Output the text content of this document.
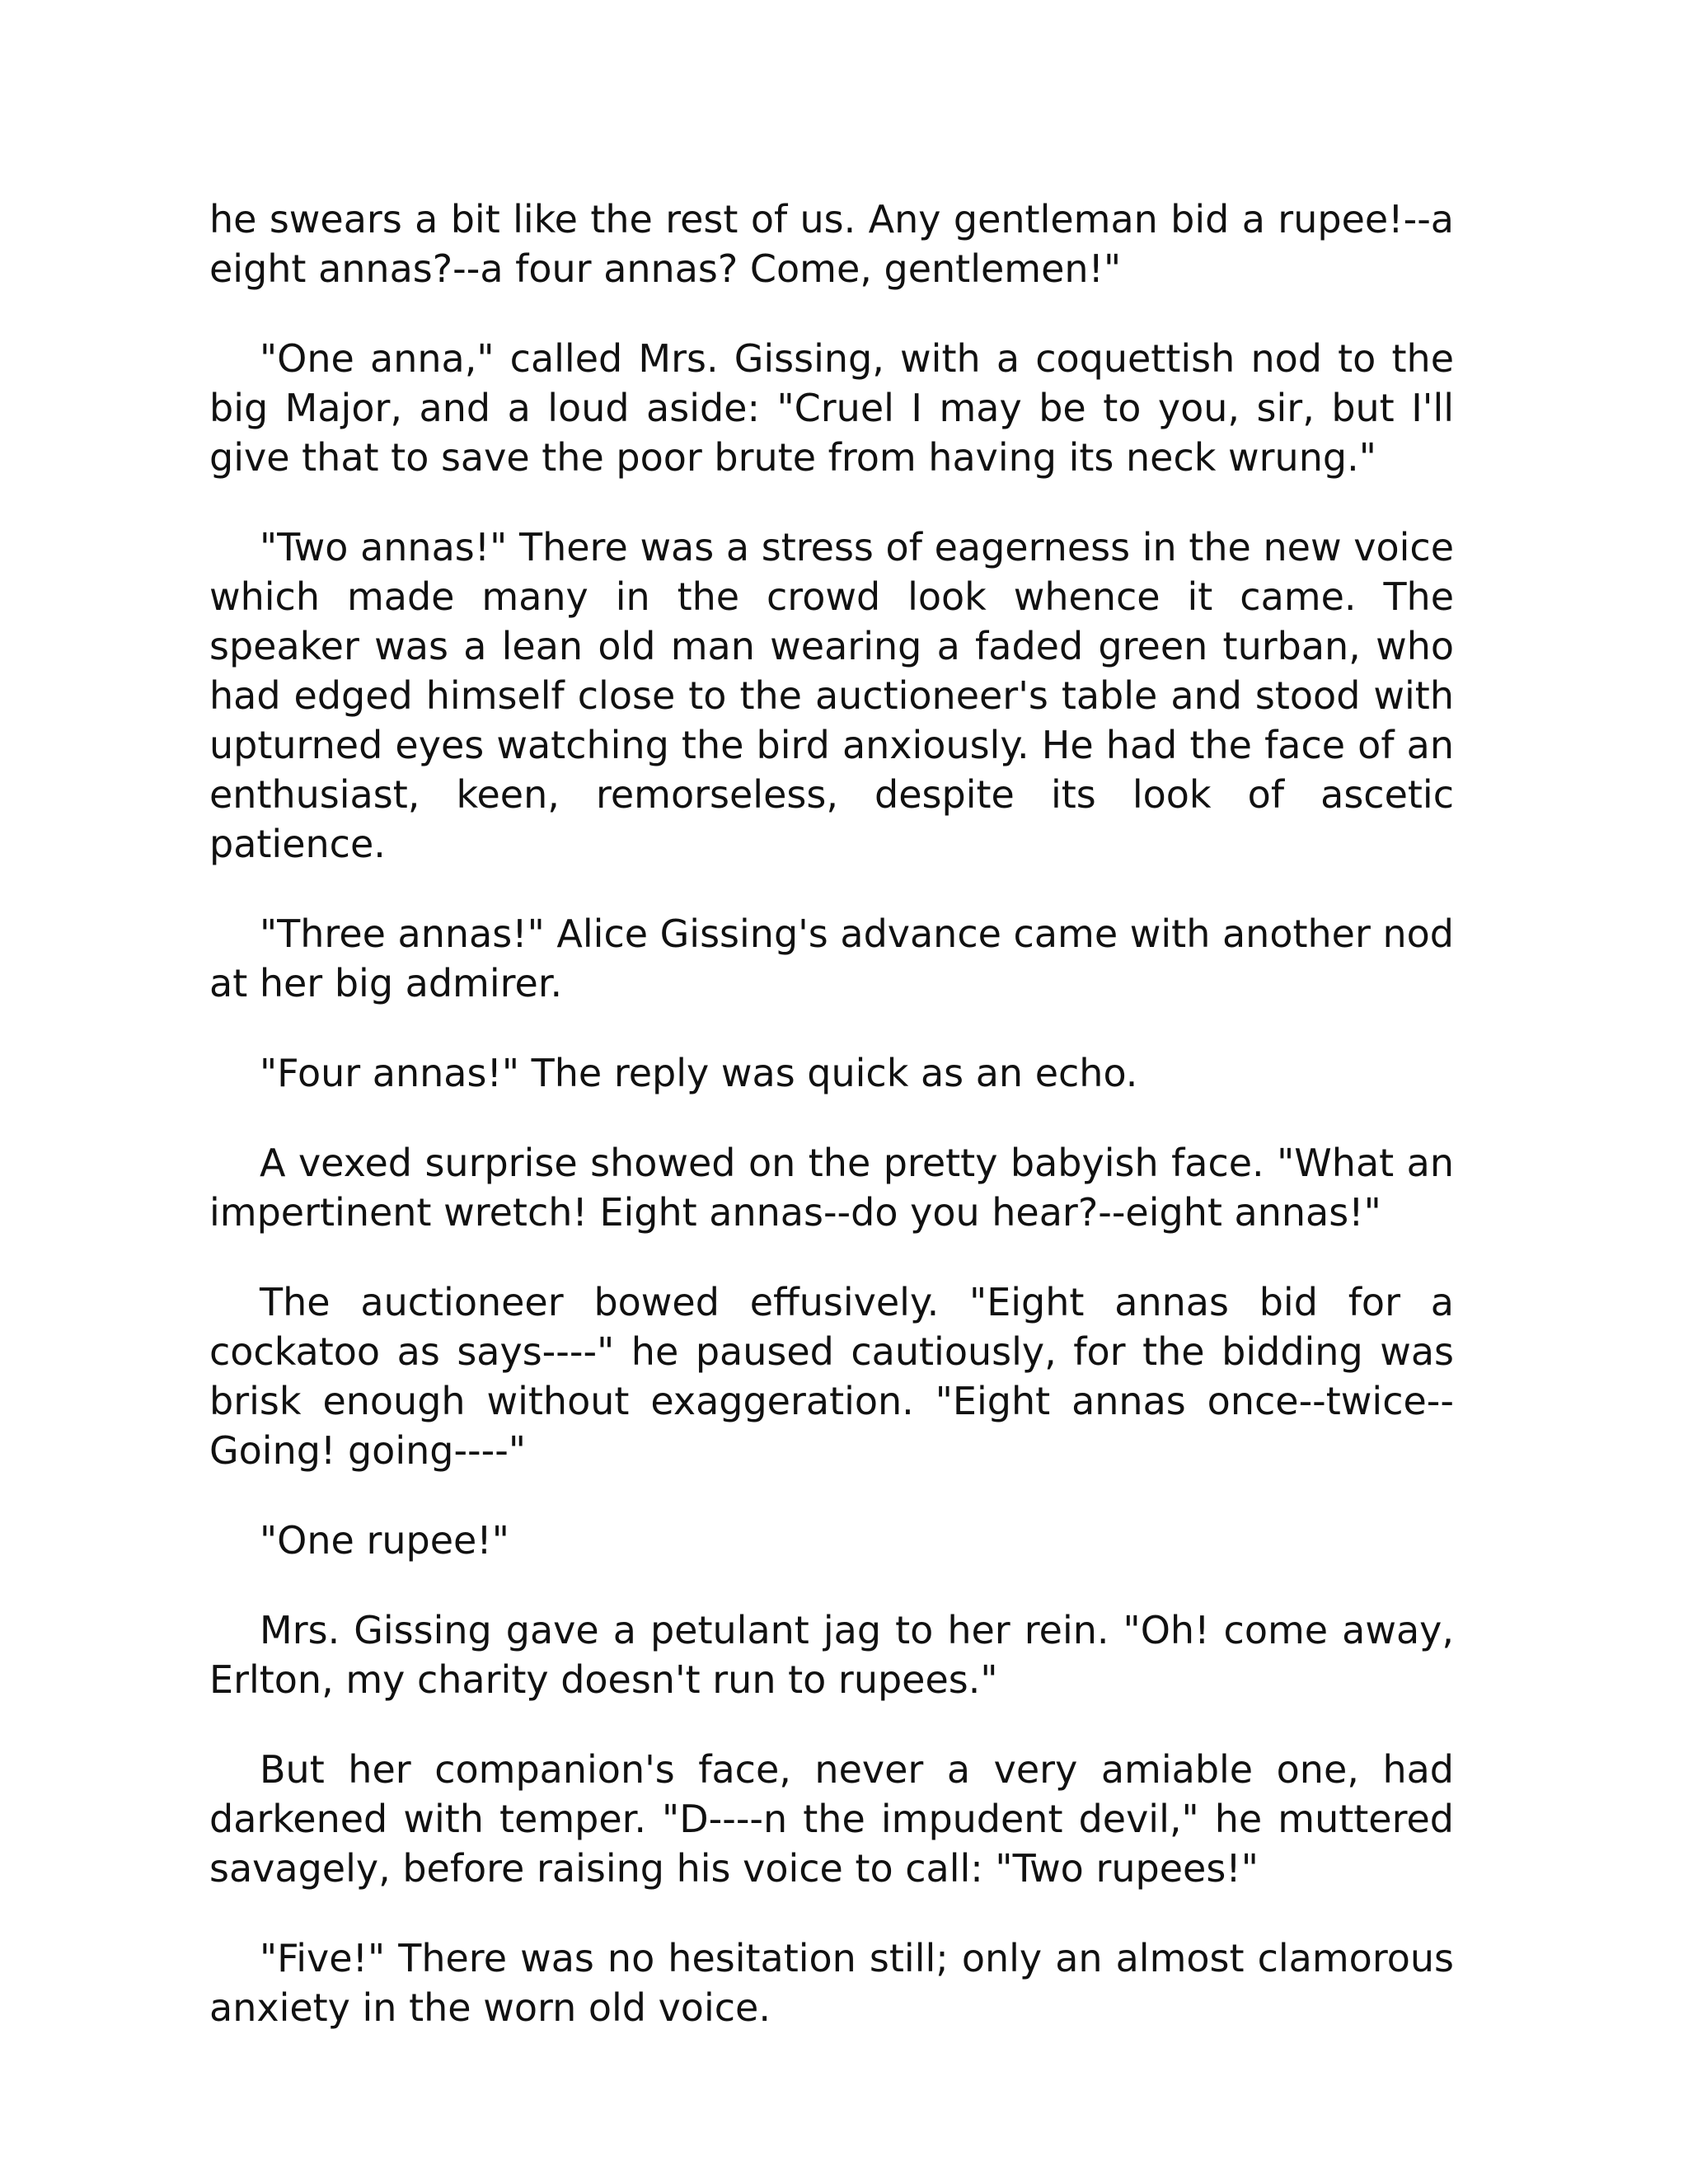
he swears a bit like the rest of us. Any gentleman bid a rupee!--a eight annas?--a four annas? Come, gentlemen!"

"One anna," called Mrs. Gissing, with a coquettish nod to the big Major, and a loud aside: "Cruel I may be to you, sir, but I'll give that to save the poor brute from having its neck wrung."

"Two annas!" There was a stress of eagerness in the new voice which made many in the crowd look whence it came. The speaker was a lean old man wearing a faded green turban, who had edged himself close to the auctioneer's table and stood with upturned eyes watching the bird anxiously. He had the face of an enthusiast, keen, remorseless, despite its look of ascetic patience.

"Three annas!" Alice Gissing's advance came with another nod at her big admirer.

"Four annas!" The reply was quick as an echo.

A vexed surprise showed on the pretty babyish face. "What an impertinent wretch! Eight annas--do you hear?--eight annas!"

The auctioneer bowed effusively. "Eight annas bid for a cockatoo as says----" he paused cautiously, for the bidding was brisk enough without exaggeration. "Eight annas once--twice--Going! going----"

"One rupee!"

Mrs. Gissing gave a petulant jag to her rein. "Oh! come away, Erlton, my charity doesn't run to rupees."

But her companion's face, never a very amiable one, had darkened with temper. "D----n the impudent devil," he muttered savagely, before raising his voice to call: "Two rupees!"

"Five!" There was no hesitation still; only an almost clamorous anxiety in the worn old voice.
